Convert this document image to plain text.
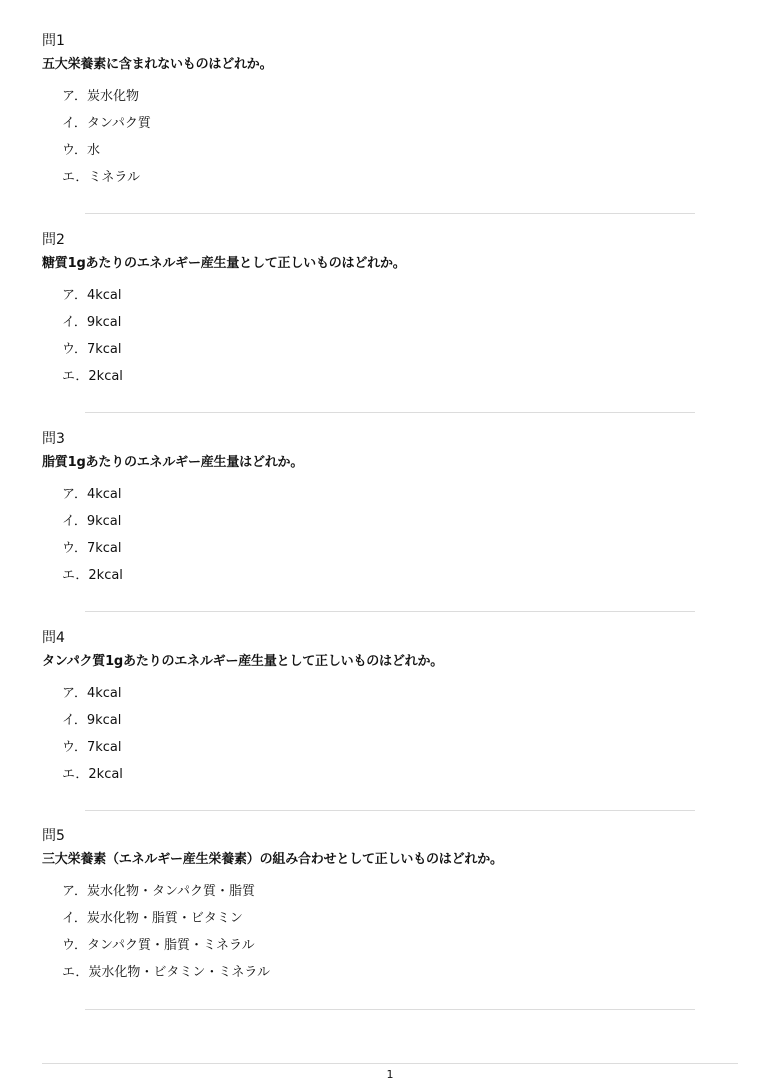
問1

五大栄養素に含まれないものはどれか。

ア．炭水化物
イ．タンパク質
ウ．水
エ．ミネラル
問2

糖質1gあたりのエネルギー産生量として正しいものはどれか。

ア．4kcal
イ．9kcal
ウ．7kcal
エ．2kcal
問3

脂質1gあたりのエネルギー産生量はどれか。

ア．4kcal
イ．9kcal
ウ．7kcal
エ．2kcal
問4

タンパク質1gあたりのエネルギー産生量として正しいものはどれか。

ア．4kcal
イ．9kcal
ウ．7kcal
エ．2kcal
問5

三大栄養素（エネルギー産生栄養素）の組み合わせとして正しいものはどれか。

ア．炭水化物・タンパク質・脂質
イ．炭水化物・脂質・ビタミン
ウ．タンパク質・脂質・ミネラル
エ．炭水化物・ビタミン・ミネラル
1
